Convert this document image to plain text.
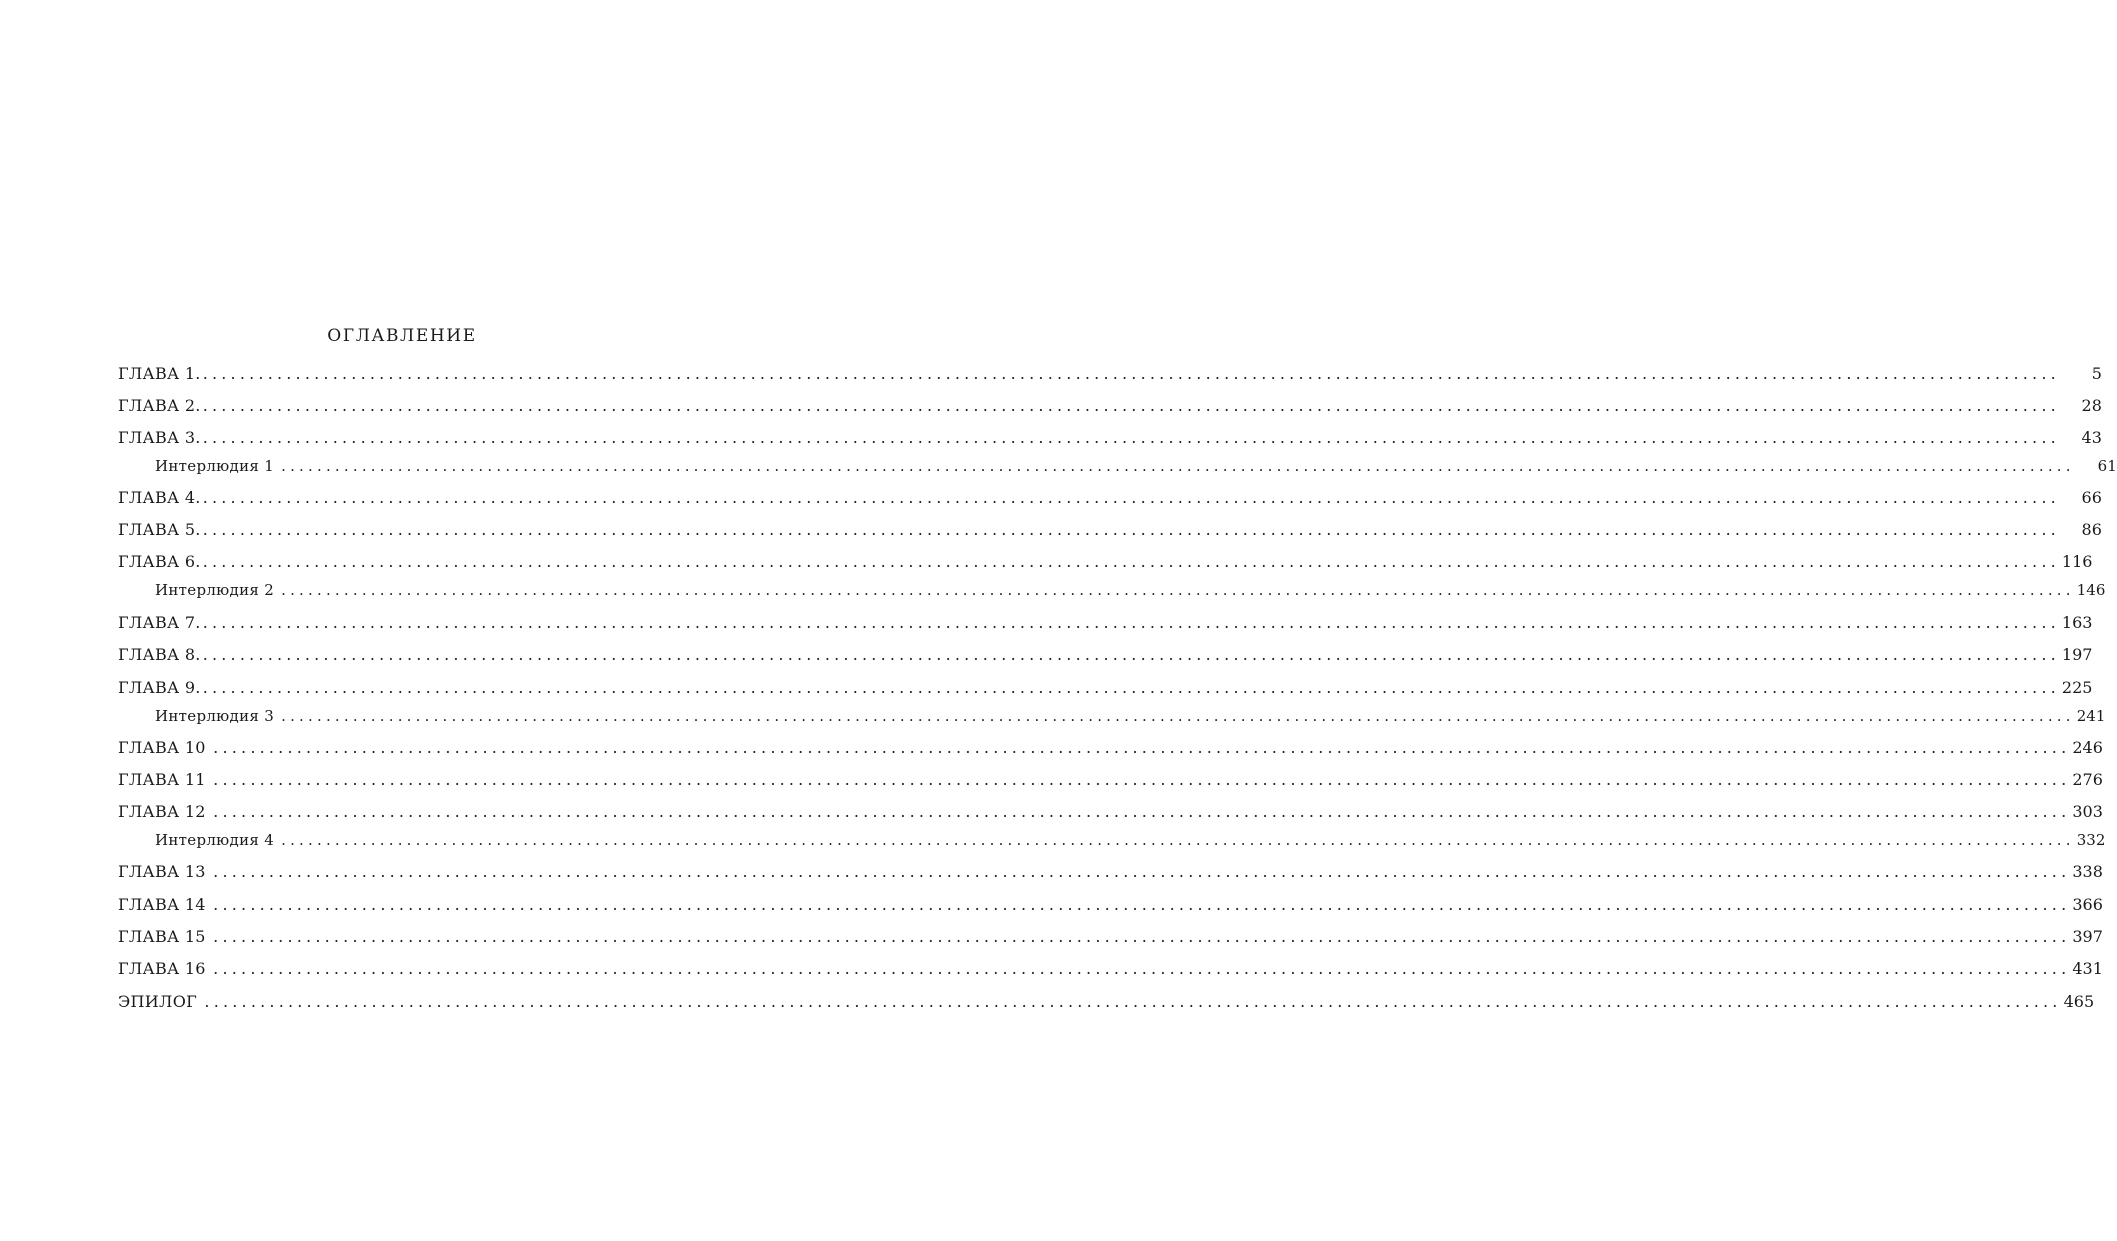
ОГЛАВЛЕНИЕ
ГЛАВА 1. ........................................................................................................................................................................................................	5
ГЛАВА 2. ........................................................................................................................................................................................................	28
ГЛАВА 3. ........................................................................................................................................................................................................	43
Интерлюдия 1 ........................................................................................................................................................................................................	61
ГЛАВА 4. ........................................................................................................................................................................................................	66
ГЛАВА 5. ........................................................................................................................................................................................................	86
ГЛАВА 6. ........................................................................................................................................................................................................ 116
Интерлюдия 2 ........................................................................................................................................................................................................ 146
ГЛАВА 7. ........................................................................................................................................................................................................ 163
ГЛАВА 8. ........................................................................................................................................................................................................ 197
ГЛАВА 9. ........................................................................................................................................................................................................ 225
Интерлюдия 3 ........................................................................................................................................................................................................ 241
ГЛАВА 10 ........................................................................................................................................................................................................ 246
ГЛАВА 11 ........................................................................................................................................................................................................ 276
ГЛАВА 12 ........................................................................................................................................................................................................ 303
Интерлюдия 4 ........................................................................................................................................................................................................ 332
ГЛАВА 13 ........................................................................................................................................................................................................ 338
ГЛАВА 14 ........................................................................................................................................................................................................ 366
ГЛАВА 15 ........................................................................................................................................................................................................ 397
ГЛАВА 16 ........................................................................................................................................................................................................ 431
ЭПИЛОГ ........................................................................................................................................................................................................ 465
